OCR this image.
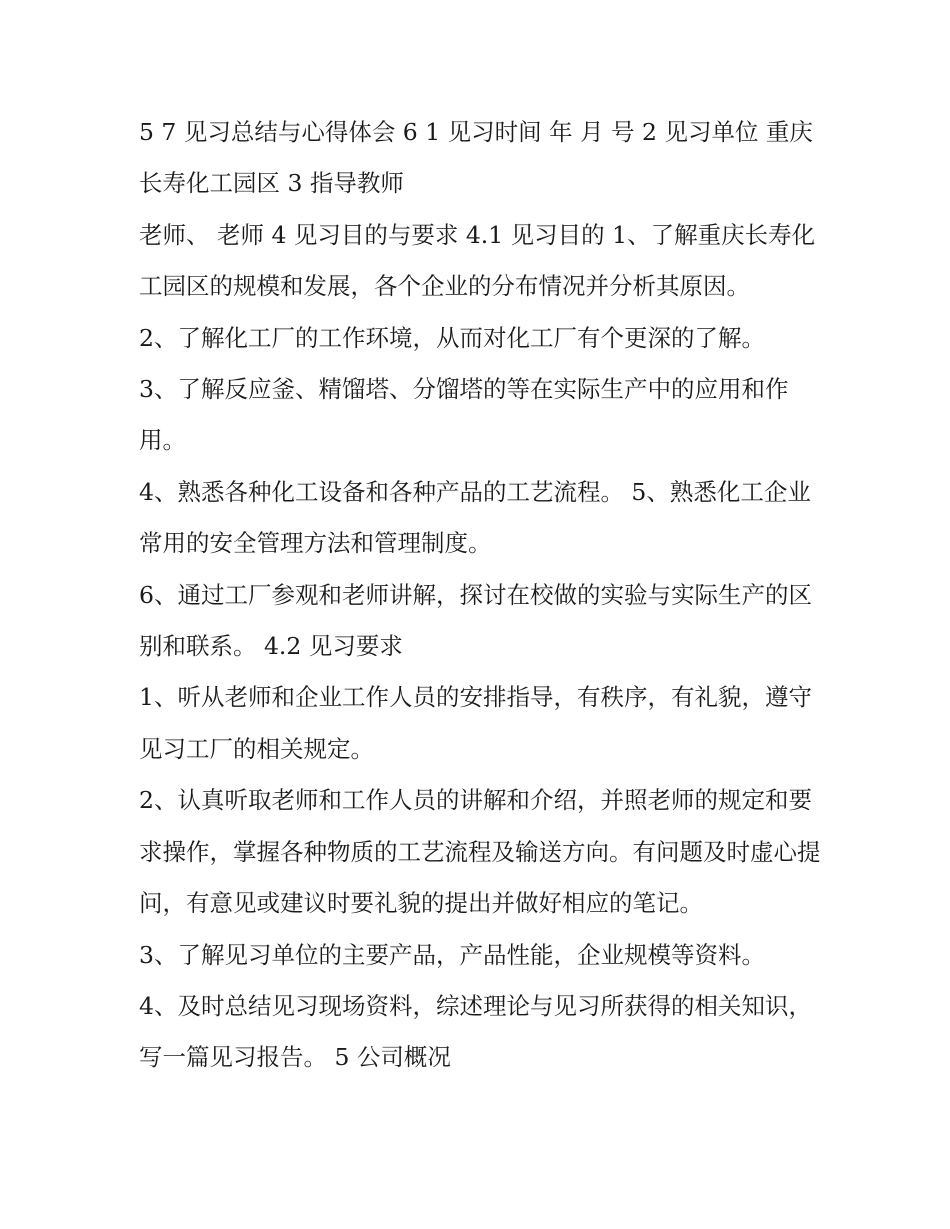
5 7 见习总结与心得体会 6 1 见习时间 年 月 号 2 见习单位 重庆长寿化工园区 3 指导教师

老师、 老师 4 见习目的与要求 4.1 见习目的 1、了解重庆长寿化工园区的规模和发展，各个企业的分布情况并分析其原因。

2、了解化工厂的工作环境，从而对化工厂有个更深的了解。

3、了解反应釜、精馏塔、分馏塔的等在实际生产中的应用和作用。

4、熟悉各种化工设备和各种产品的工艺流程。 5、熟悉化工企业常用的安全管理方法和管理制度。

6、通过工厂参观和老师讲解，探讨在校做的实验与实际生产的区别和联系。 4.2 见习要求

1、听从老师和企业工作人员的安排指导，有秩序，有礼貌，遵守见习工厂的相关规定。

2、认真听取老师和工作人员的讲解和介绍，并照老师的规定和要求操作，掌握各种物质的工艺流程及输送方向。有问题及时虚心提问，有意见或建议时要礼貌的提出并做好相应的笔记。

3、了解见习单位的主要产品，产品性能，企业规模等资料。

4、及时总结见习现场资料，综述理论与见习所获得的相关知识，写一篇见习报告。 5 公司概况
